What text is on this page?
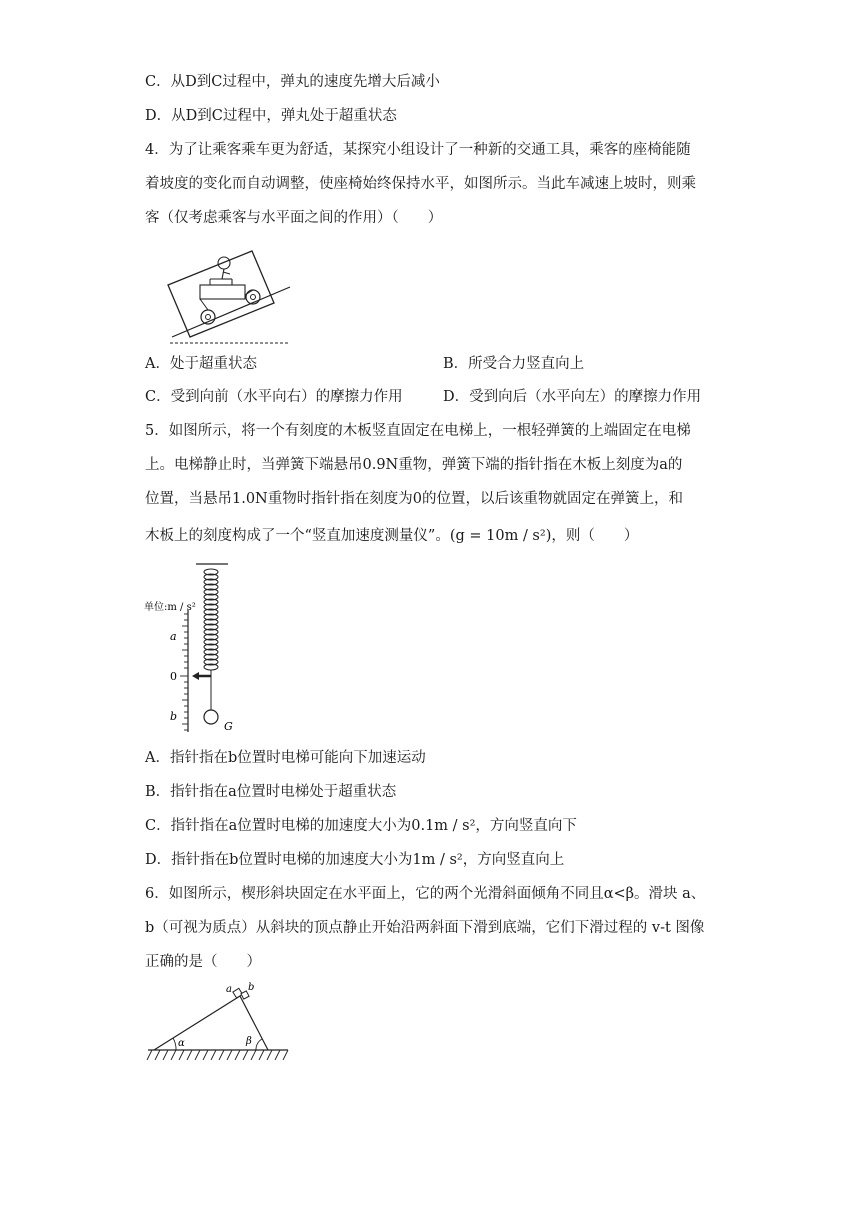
C．从D到C过程中，弹丸的速度先增大后减小
D．从D到C过程中，弹丸处于超重状态
4．为了让乘客乘车更为舒适，某探究小组设计了一种新的交通工具，乘客的座椅能随
着坡度的变化而自动调整，使座椅始终保持水平，如图所示。当此车减速上坡时，则乘
客（仅考虑乘客与水平面之间的作用）（　　）
A．处于超重状态	B．所受合力竖直向上
C．受到向前（水平向右）的摩擦力作用	D．受到向后（水平向左）的摩擦力作用
5．如图所示，将一个有刻度的木板竖直固定在电梯上，一根轻弹簧的上端固定在电梯
上。电梯静止时，当弹簧下端悬吊0.9N重物，弹簧下端的指针指在木板上刻度为a的
位置，当悬吊1.0N重物时指针指在刻度为0的位置，以后该重物就固定在弹簧上，和
木板上的刻度构成了一个“竖直加速度测量仪”。(g = 10m / s²)，则（　　）
单位:m / s²
a
0
b
G
A．指针指在b位置时电梯可能向下加速运动
B．指针指在a位置时电梯处于超重状态
C．指针指在a位置时电梯的加速度大小为0.1m / s²，方向竖直向下
D．指针指在b位置时电梯的加速度大小为1m / s²，方向竖直向上
6．如图所示，楔形斜块固定在水平面上，它的两个光滑斜面倾角不同且α<β。滑块 a、
b（可视为质点）从斜块的顶点静止开始沿两斜面下滑到底端，它们下滑过程的 v-t 图像
正确的是（　　）
a b
α	β
